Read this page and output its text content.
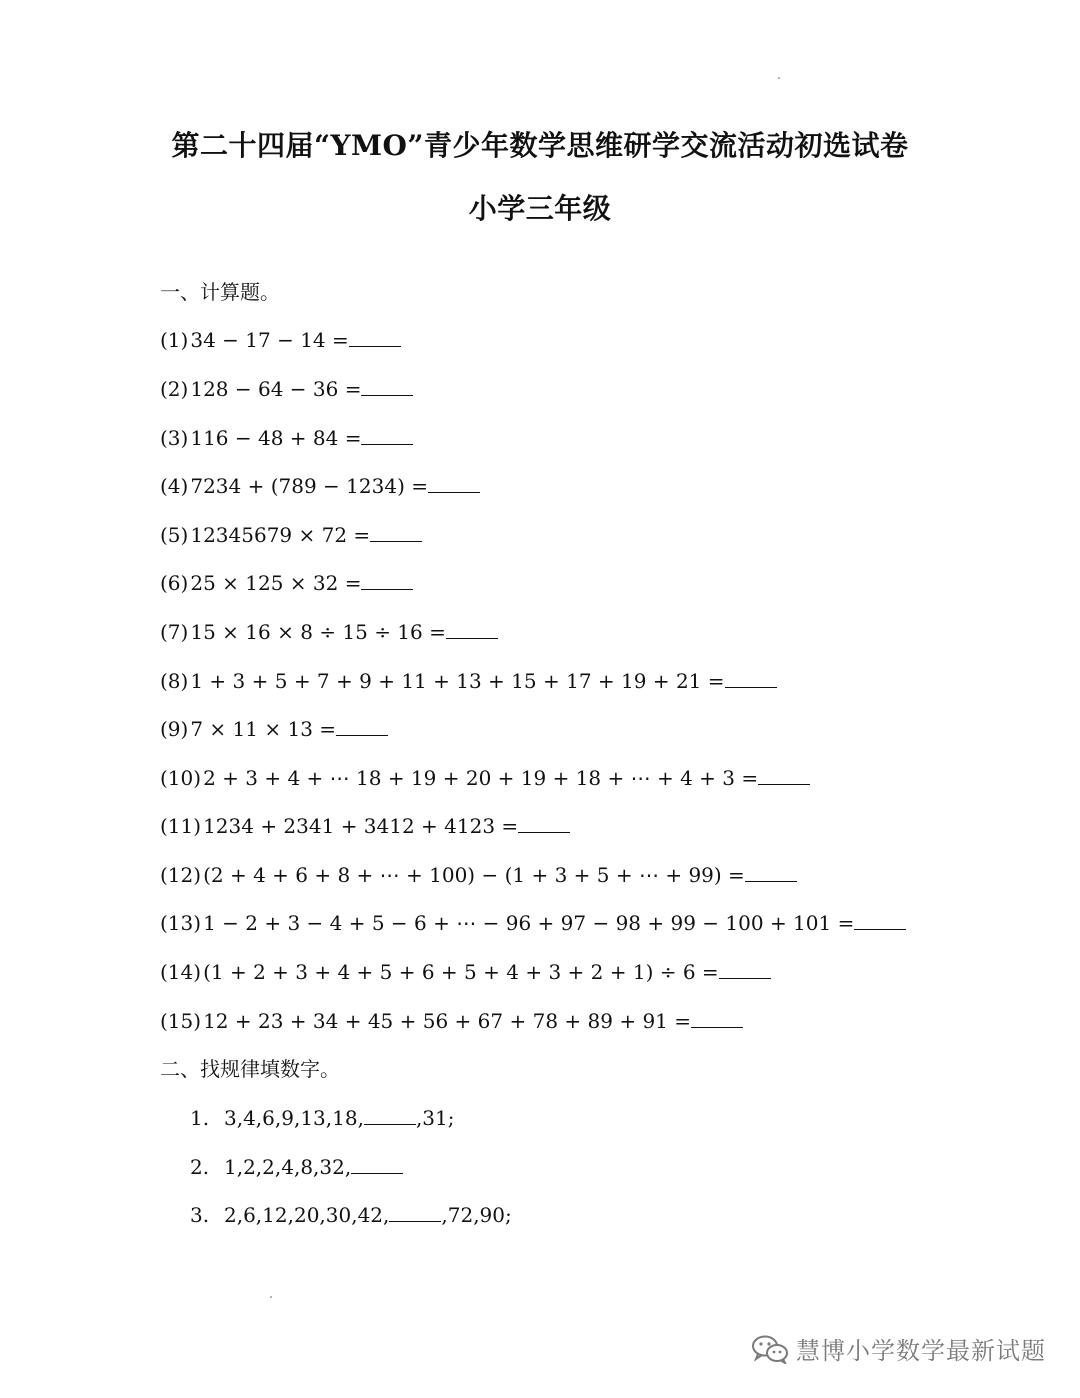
第二十四届“YMO”青少年数学思维研学交流活动初选试卷
小学三年级
一、计算题。
(1) 34 − 17 − 14 =
(2) 128 − 64 − 36 =
(3) 116 − 48 + 84 =
(4) 7234 + (789 − 1234) =
(5) 12345679 × 72 =
(6) 25 × 125 × 32 =
(7) 15 × 16 × 8 ÷ 15 ÷ 16 =
(8) 1 + 3 + 5 + 7 + 9 + 11 + 13 + 15 + 17 + 19 + 21 =
(9) 7 × 11 × 13 =
(10) 2 + 3 + 4 + ⋯ 18 + 19 + 20 + 19 + 18 + ⋯ + 4 + 3 =
(11) 1234 + 2341 + 3412 + 4123 =
(12) (2 + 4 + 6 + 8 + ⋯ + 100) − (1 + 3 + 5 + ⋯ + 99) =
(13) 1 − 2 + 3 − 4 + 5 − 6 + ⋯ − 96 + 97 − 98 + 99 − 100 + 101 =
(14) (1 + 2 + 3 + 4 + 5 + 6 + 5 + 4 + 3 + 2 + 1) ÷ 6 =
(15) 12 + 23 + 34 + 45 + 56 + 67 + 78 + 89 + 91 =
二、找规律填数字。
1. 3,4,6,9,13,18,	,31;
2. 1,2,2,4,8,32,
3. 2,6,12,20,30,42,	,72,90;
慧博小学数学最新试题
